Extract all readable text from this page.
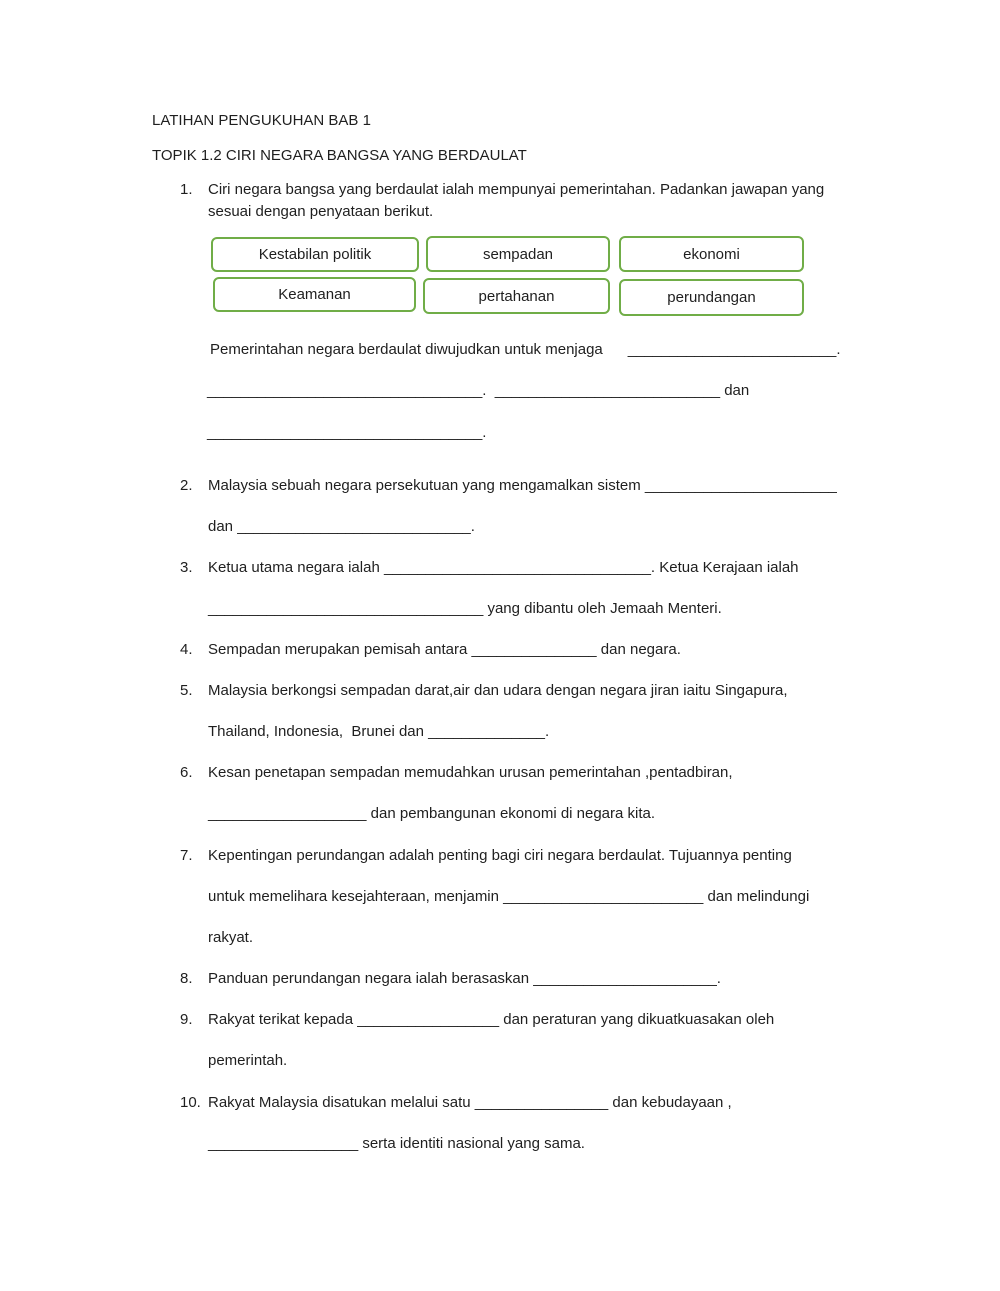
LATIHAN PENGUKUHAN BAB 1
TOPIK 1.2 CIRI NEGARA BANGSA YANG BERDAULAT
1. Ciri negara bangsa yang berdaulat ialah mempunyai pemerintahan. Padankan jawapan yang
sesuai dengan penyataan berikut.
Kestabilan politik	sempadan	ekonomi
Keamanan	pertahanan	perundangan
Pemerintahan negara berdaulat diwujudkan untuk menjaga      _________________________.
_________________________________.  ___________________________ dan
_________________________________.
2. Malaysia sebuah negara persekutuan yang mengamalkan sistem _______________________
dan ____________________________.
3. Ketua utama negara ialah ________________________________. Ketua Kerajaan ialah
_________________________________ yang dibantu oleh Jemaah Menteri.
4. Sempadan merupakan pemisah antara _______________ dan negara.
5. Malaysia berkongsi sempadan darat,air dan udara dengan negara jiran iaitu Singapura,
Thailand, Indonesia,  Brunei dan ______________.
6. Kesan penetapan sempadan memudahkan urusan pemerintahan ,pentadbiran,
___________________ dan pembangunan ekonomi di negara kita.
7. Kepentingan perundangan adalah penting bagi ciri negara berdaulat. Tujuannya penting
untuk memelihara kesejahteraan, menjamin ________________________ dan melindungi
rakyat.
8. Panduan perundangan negara ialah berasaskan ______________________.
9. Rakyat terikat kepada _________________ dan peraturan yang dikuatkuasakan oleh
pemerintah.
10. Rakyat Malaysia disatukan melalui satu ________________ dan kebudayaan ,
__________________ serta identiti nasional yang sama.
